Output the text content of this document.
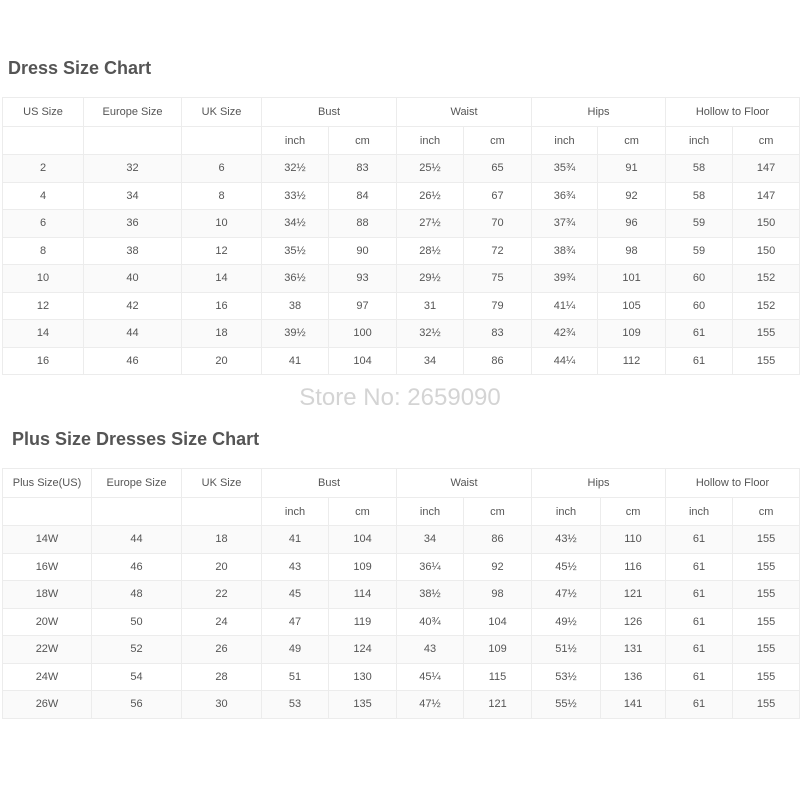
Dress Size Chart
US Size	Europe Size	UK Size	Bust		Waist		Hips		Hollow to Floor	
			inch	cm	inch	cm	inch	cm	inch	cm
2	32	6	32½	83	25½	65	35¾	91	58	147
4	34	8	33½	84	26½	67	36¾	92	58	147
6	36	10	34½	88	27½	70	37¾	96	59	150
8	38	12	35½	90	28½	72	38¾	98	59	150
10	40	14	36½	93	29½	75	39¾	101	60	152
12	42	16	38	97	31	79	41¼	105	60	152
14	44	18	39½	100	32½	83	42¾	109	61	155
16	46	20	41	104	34	86	44¼	112	61	155
Store No: 2659090
Plus Size Dresses Size Chart
Plus Size(US)	Europe Size	UK Size	Bust		Waist		Hips		Hollow to Floor	
			inch	cm	inch	cm	inch	cm	inch	cm
14W	44	18	41	104	34	86	43½	110	61	155
16W	46	20	43	109	36¼	92	45½	116	61	155
18W	48	22	45	114	38½	98	47½	121	61	155
20W	50	24	47	119	40¾	104	49½	126	61	155
22W	52	26	49	124	43	109	51½	131	61	155
24W	54	28	51	130	45¼	115	53½	136	61	155
26W	56	30	53	135	47½	121	55½	141	61	155
